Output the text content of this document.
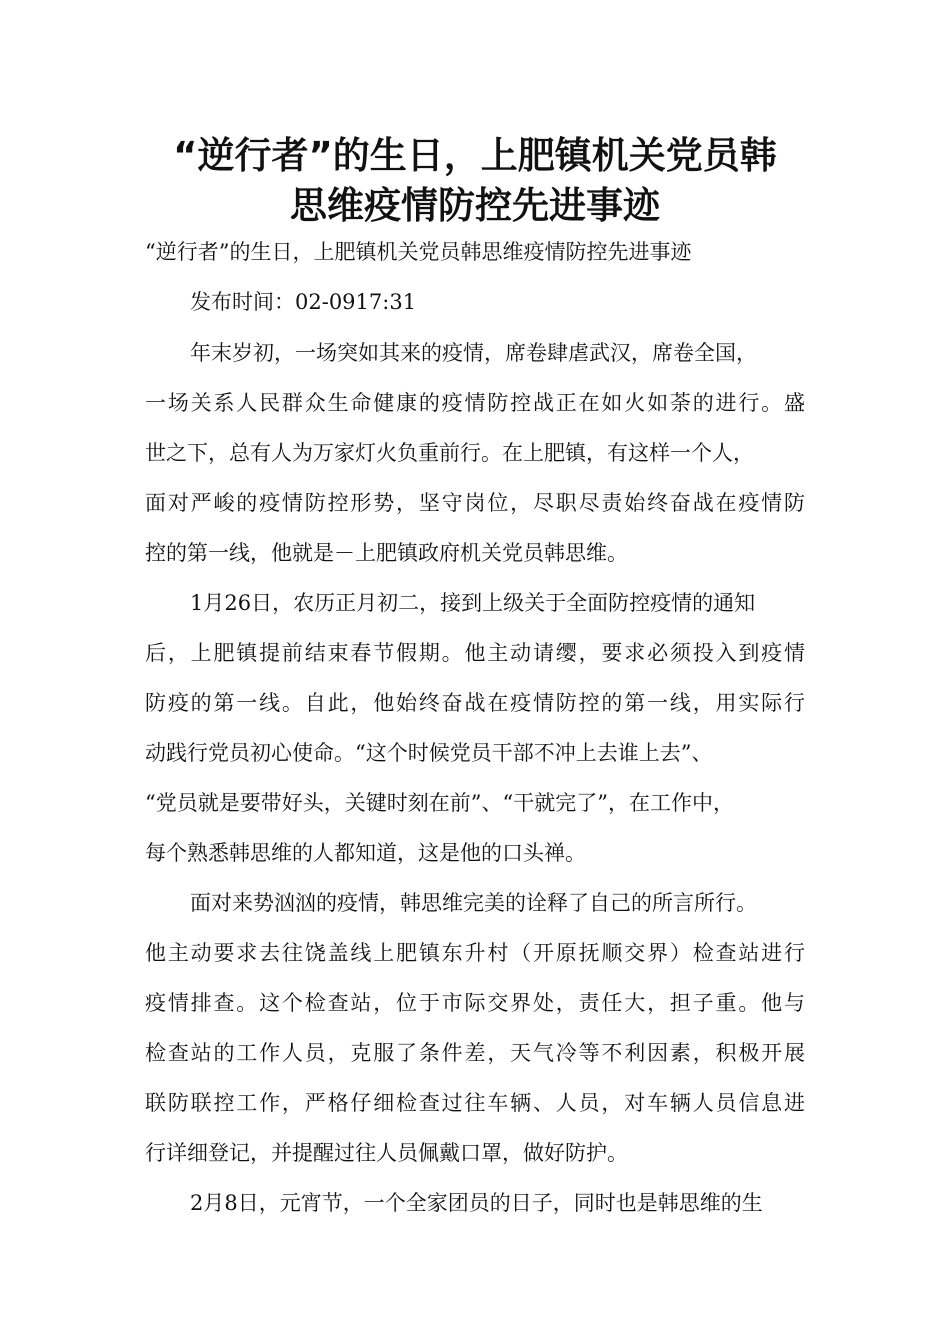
“逆行者”的生日，上肥镇机关党员韩
思维疫情防控先进事迹

“逆行者”的生日，上肥镇机关党员韩思维疫情防控先进事迹

发布时间：02-0917:31

年末岁初，一场突如其来的疫情，席卷肆虐武汉，席卷全国，

一场关系人民群众生命健康的疫情防控战正在如火如荼的进行。盛

世之下，总有人为万家灯火负重前行。在上肥镇，有这样一个人，

面对严峻的疫情防控形势，坚守岗位，尽职尽责始终奋战在疫情防

控的第一线，他就是－上肥镇政府机关党员韩思维。

1月26日，农历正月初二，接到上级关于全面防控疫情的通知

后，上肥镇提前结束春节假期。他主动请缨，要求必须投入到疫情

防疫的第一线。自此，他始终奋战在疫情防控的第一线，用实际行

动践行党员初心使命。“这个时候党员干部不冲上去谁上去”、

“党员就是要带好头，关键时刻在前”、“干就完了”，在工作中，

每个熟悉韩思维的人都知道，这是他的口头禅。

面对来势汹汹的疫情，韩思维完美的诠释了自己的所言所行。

他主动要求去往饶盖线上肥镇东升村（开原抚顺交界）检查站进行

疫情排查。这个检查站，位于市际交界处，责任大，担子重。他与

检查站的工作人员，克服了条件差，天气冷等不利因素，积极开展

联防联控工作，严格仔细检查过往车辆、人员，对车辆人员信息进

行详细登记，并提醒过往人员佩戴口罩，做好防护。

2月8日，元宵节，一个全家团员的日子，同时也是韩思维的生
